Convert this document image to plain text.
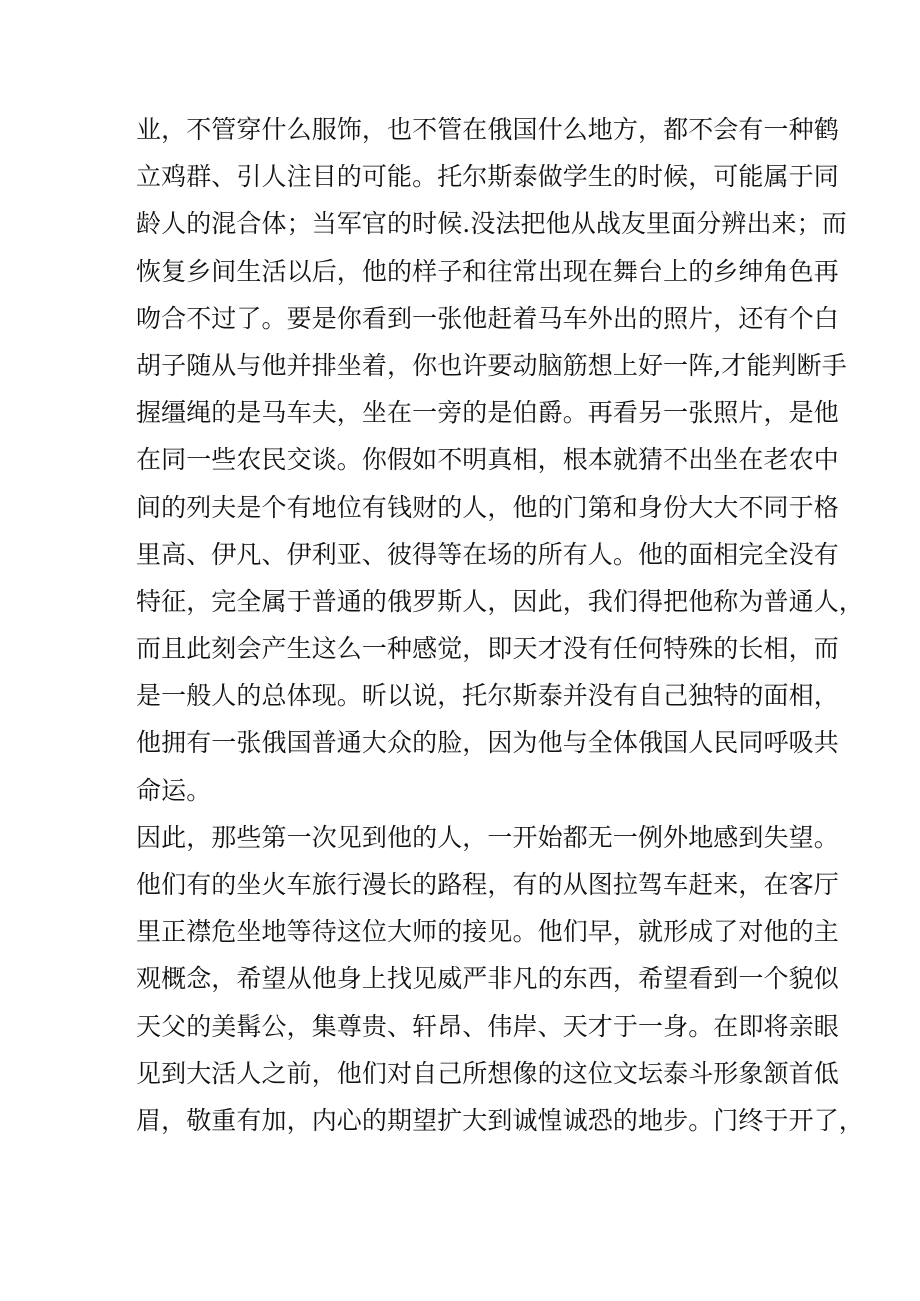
业，不管穿什么服饰，也不管在俄国什么地方，都不会有一种鹤
立鸡群、引人注目的可能。托尔斯泰做学生的时候，可能属于同
龄人的混合体；当军官的时候.没法把他从战友里面分辨出来；而
恢复乡间生活以后，他的样子和往常出现在舞台上的乡绅角色再
吻合不过了。要是你看到一张他赶着马车外出的照片，还有个白
胡子随从与他并排坐着，你也许要动脑筋想上好一阵,才能判断手
握缰绳的是马车夫，坐在一旁的是伯爵。再看另一张照片，是他
在同一些农民交谈。你假如不明真相，根本就猜不出坐在老农中
间的列夫是个有地位有钱财的人，他的门第和身份大大不同于格
里高、伊凡、伊利亚、彼得等在场的所有人。他的面相完全没有
特征，完全属于普通的俄罗斯人，因此，我们得把他称为普通人，
而且此刻会产生这么一种感觉，即天才没有任何特殊的长相，而
是一般人的总体现。昕以说，托尔斯泰并没有自己独特的面相，
他拥有一张俄国普通大众的脸，因为他与全体俄国人民同呼吸共
命运。
因此，那些第一次见到他的人，一开始都无一例外地感到失望。
他们有的坐火车旅行漫长的路程，有的从图拉驾车赶来，在客厅
里正襟危坐地等待这位大师的接见。他们早，就形成了对他的主
观概念，希望从他身上找见威严非凡的东西，希望看到一个貌似
天父的美髯公，集尊贵、轩昂、伟岸、天才于一身。在即将亲眼
见到大活人之前，他们对自己所想像的这位文坛泰斗形象颔首低
眉，敬重有加，内心的期望扩大到诚惶诚恐的地步。门终于开了，
